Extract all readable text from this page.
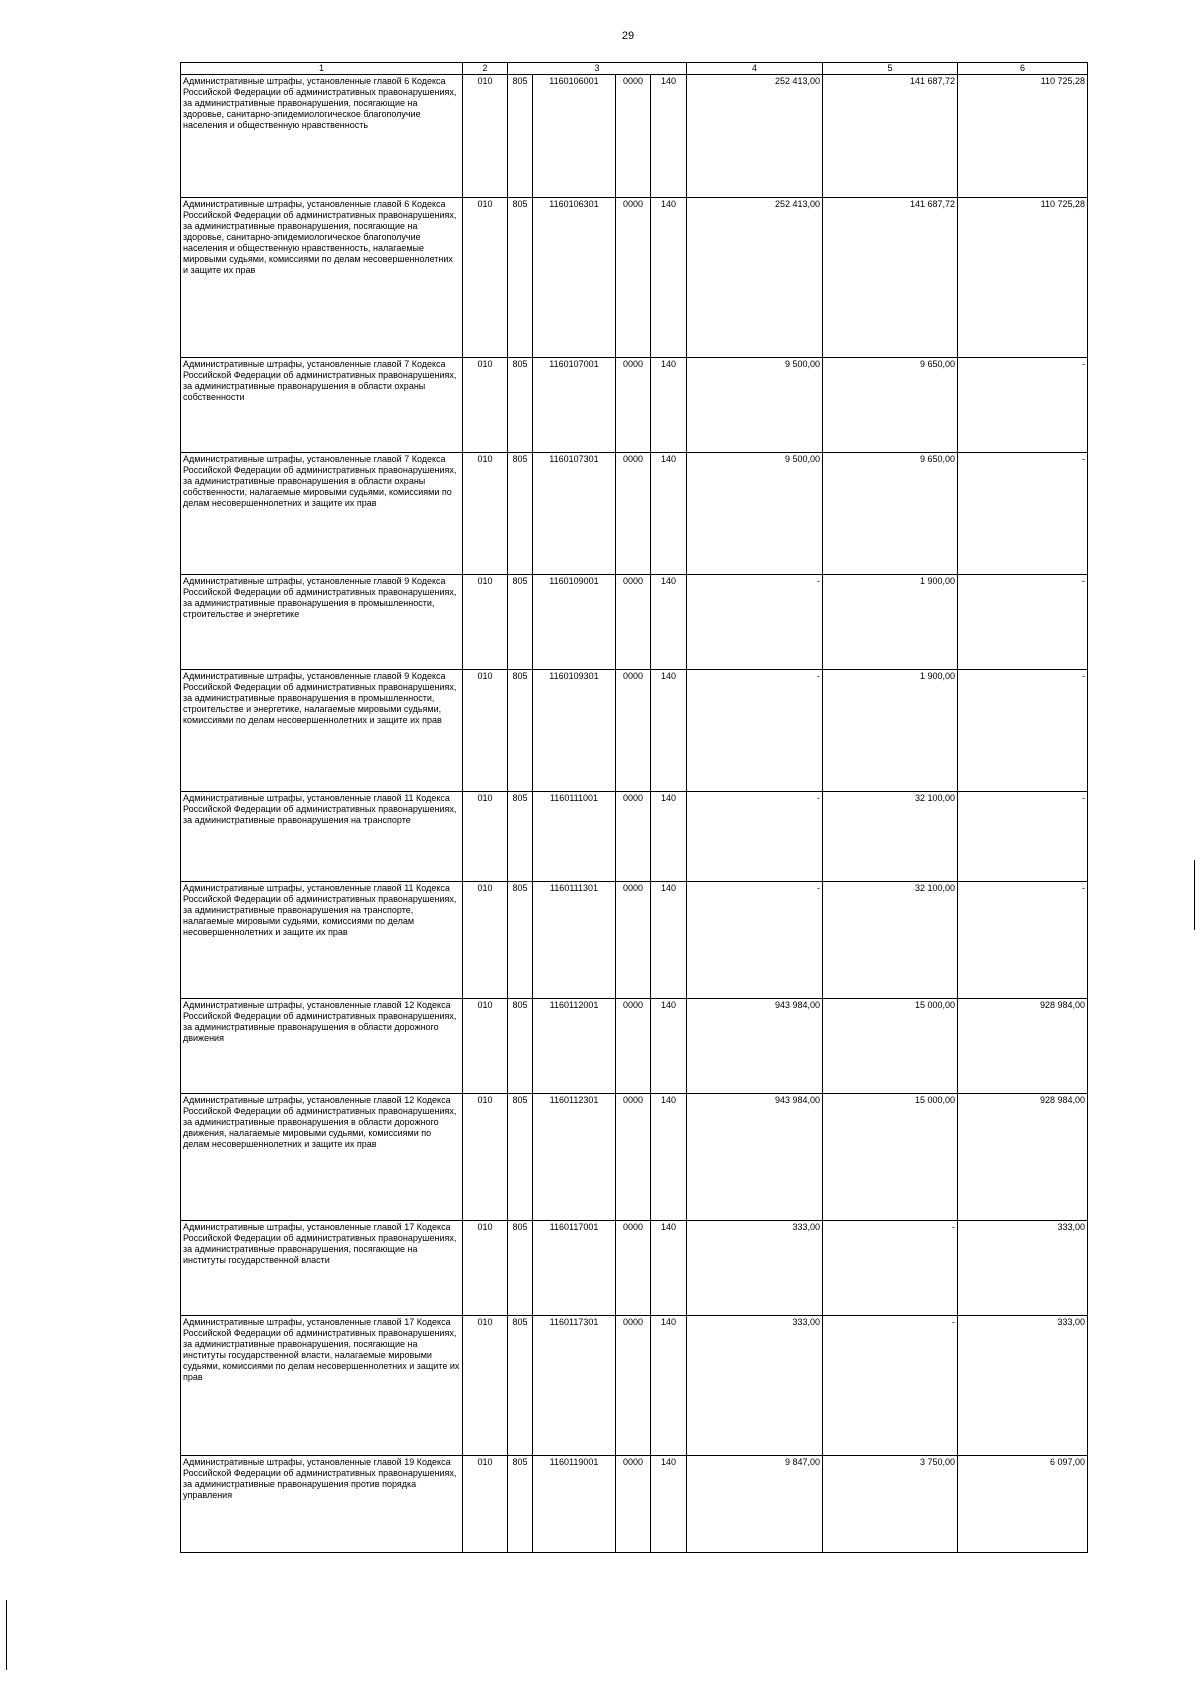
29
1	2	3				4	5	6
Административные штрафы, установленные главой 6 Кодекса Российской Федерации об административных правонарушениях, за административные правонарушения, посягающие на здоровье, санитарно-эпидемиологическое благополучие населения и общественную нравственность	010	805	1160106001	0000	140	252 413,00	141 687,72	110 725,28
Административные штрафы, установленные главой 6 Кодекса Российской Федерации об административных правонарушениях, за административные правонарушения, посягающие на здоровье, санитарно-эпидемиологическое благополучие населения и общественную нравственность, налагаемые мировыми судьями, комиссиями по делам несовершеннолетних и защите их прав	010	805	1160106301	0000	140	252 413,00	141 687,72	110 725,28
Административные штрафы, установленные главой 7 Кодекса Российской Федерации об административных правонарушениях, за административные правонарушения в области охраны собственности	010	805	1160107001	0000	140	9 500,00	9 650,00	-
Административные штрафы, установленные главой 7 Кодекса Российской Федерации об административных правонарушениях, за административные правонарушения в области охраны собственности, налагаемые мировыми судьями, комиссиями по делам несовершеннолетних и защите их прав	010	805	1160107301	0000	140	9 500,00	9 650,00	-
Административные штрафы, установленные главой 9 Кодекса Российской Федерации об административных правонарушениях, за административные правонарушения в промышленности, строительстве и энергетике	010	805	1160109001	0000	140	-	1 900,00	-
Административные штрафы, установленные главой 9 Кодекса Российской Федерации об административных правонарушениях, за административные правонарушения в промышленности, строительстве и энергетике, налагаемые мировыми судьями, комиссиями по делам несовершеннолетних и защите их прав	010	805	1160109301	0000	140	-	1 900,00	-
Административные штрафы, установленные главой 11 Кодекса Российской Федерации об административных правонарушениях, за административные правонарушения на транспорте	010	805	1160111001	0000	140	-	32 100,00	-
Административные штрафы, установленные главой 11 Кодекса Российской Федерации об административных правонарушениях, за административные правонарушения на транспорте, налагаемые мировыми судьями, комиссиями по делам несовершеннолетних и защите их прав	010	805	1160111301	0000	140	-	32 100,00	-
Административные штрафы, установленные главой 12 Кодекса Российской Федерации об административных правонарушениях, за административные правонарушения в области дорожного движения	010	805	1160112001	0000	140	943 984,00	15 000,00	928 984,00
Административные штрафы, установленные главой 12 Кодекса Российской Федерации об административных правонарушениях, за административные правонарушения в области дорожного движения, налагаемые мировыми судьями, комиссиями по делам несовершеннолетних и защите их прав	010	805	1160112301	0000	140	943 984,00	15 000,00	928 984,00
Административные штрафы, установленные главой 17 Кодекса Российской Федерации об административных правонарушениях, за административные правонарушения, посягающие на институты государственной власти	010	805	1160117001	0000	140	333,00	-	333,00
Административные штрафы, установленные главой 17 Кодекса Российской Федерации об административных правонарушениях, за административные правонарушения, посягающие на институты государственной власти, налагаемые мировыми судьями, комиссиями по делам несовершеннолетних и защите их прав	010	805	1160117301	0000	140	333,00	-	333,00
Административные штрафы, установленные главой 19 Кодекса Российской Федерации об административных правонарушениях, за административные правонарушения против порядка управления	010	805	1160119001	0000	140	9 847,00	3 750,00	6 097,00
